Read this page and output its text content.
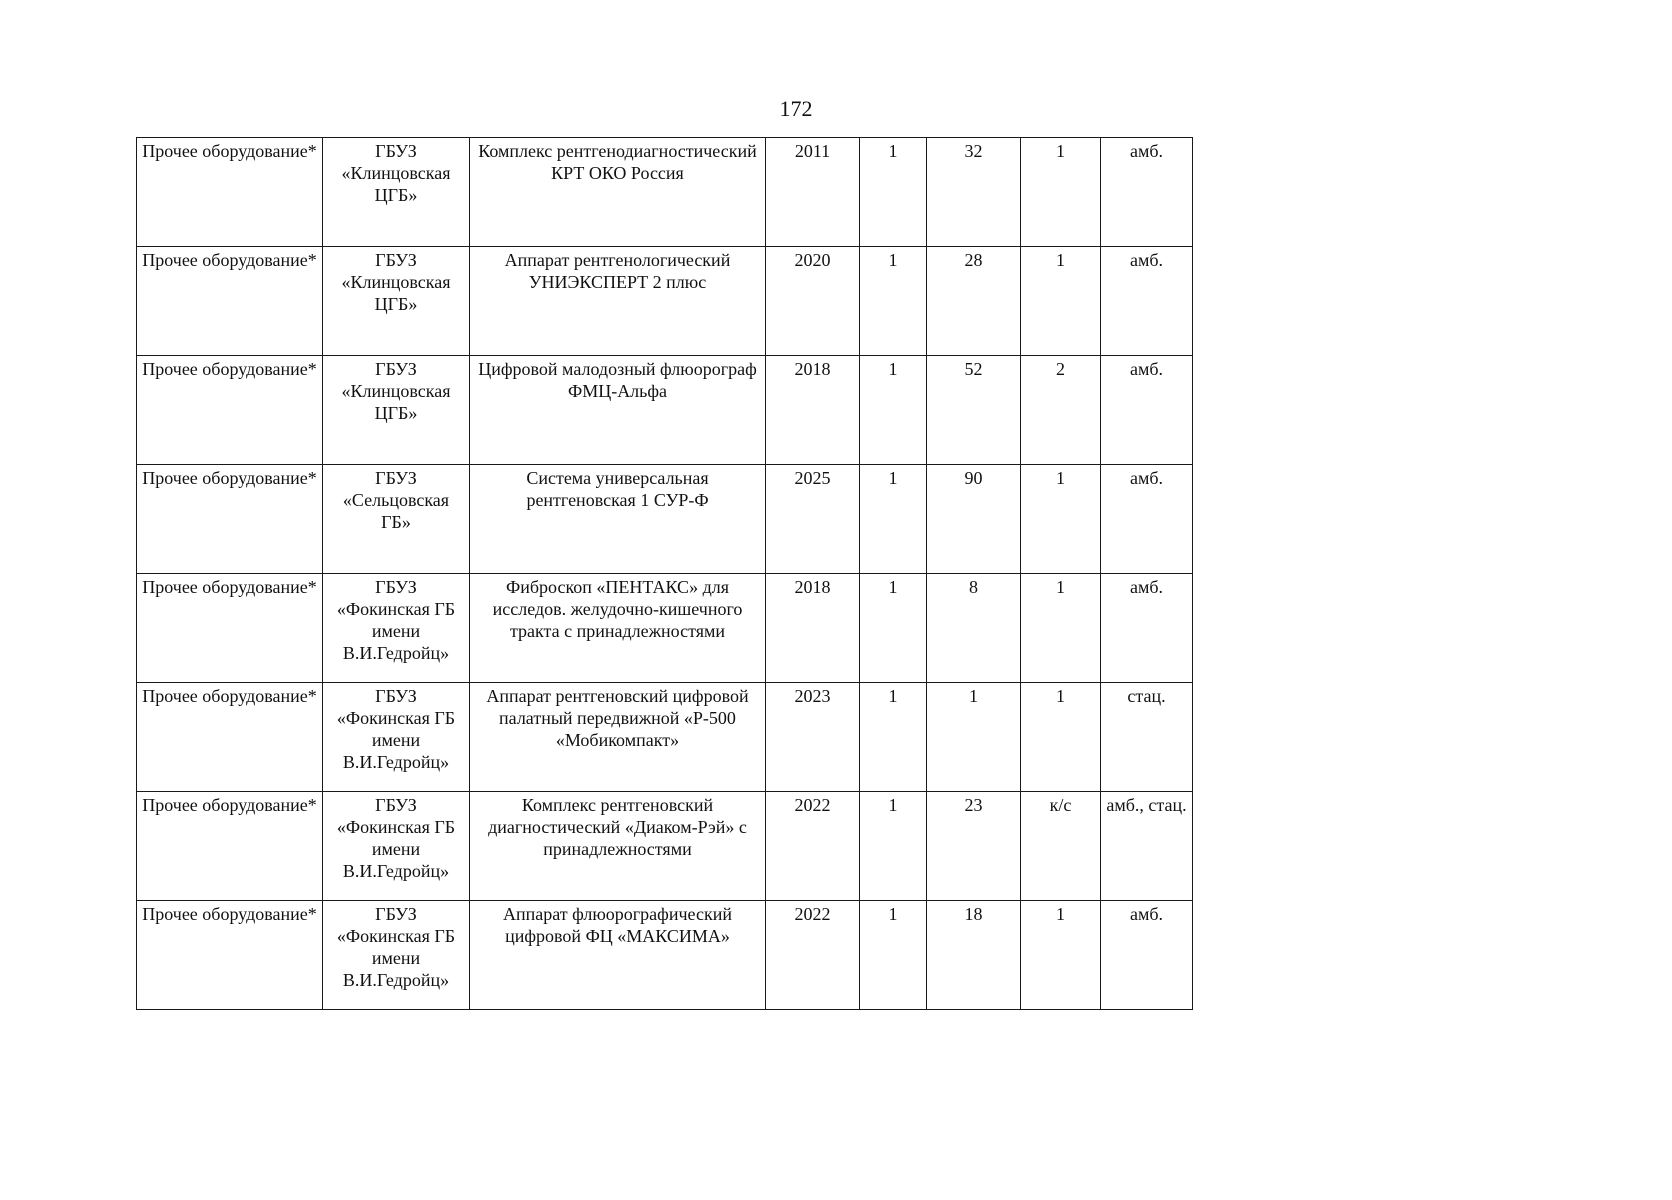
172
Прочее оборудование*	ГБУЗ «Клинцовская ЦГБ»	Комплекс рентгенодиагностический КРТ ОКО Россия	2011	1	32	1	амб.
Прочее оборудование*	ГБУЗ «Клинцовская ЦГБ»	Аппарат рентгенологический УНИЭКСПЕРТ 2 плюс	2020	1	28	1	амб.
Прочее оборудование*	ГБУЗ «Клинцовская ЦГБ»	Цифровой малодозный флюорограф ФМЦ-Альфа	2018	1	52	2	амб.
Прочее оборудование*	ГБУЗ «Сельцовская ГБ»	Система универсальная рентгеновская 1 СУР-Ф	2025	1	90	1	амб.
Прочее оборудование*	ГБУЗ «Фокинская ГБ имени В.И.Гедройц»	Фиброскоп «ПЕНТАКС» для исследов. желудочно-кишечного тракта с принадлежностями	2018	1	8	1	амб.
Прочее оборудование*	ГБУЗ «Фокинская ГБ имени В.И.Гедройц»	Аппарат рентгеновский цифровой палатный передвижной «Р-500 «Мобикомпакт»	2023	1	1	1	стац.
Прочее оборудование*	ГБУЗ «Фокинская ГБ имени В.И.Гедройц»	Комплекс рентгеновский диагностический «Диаком-Рэй» с принадлежностями	2022	1	23	к/с	амб., стац.
Прочее оборудование*	ГБУЗ «Фокинская ГБ имени В.И.Гедройц»	Аппарат флюорографический цифровой ФЦ «МАКСИМА»	2022	1	18	1	амб.
